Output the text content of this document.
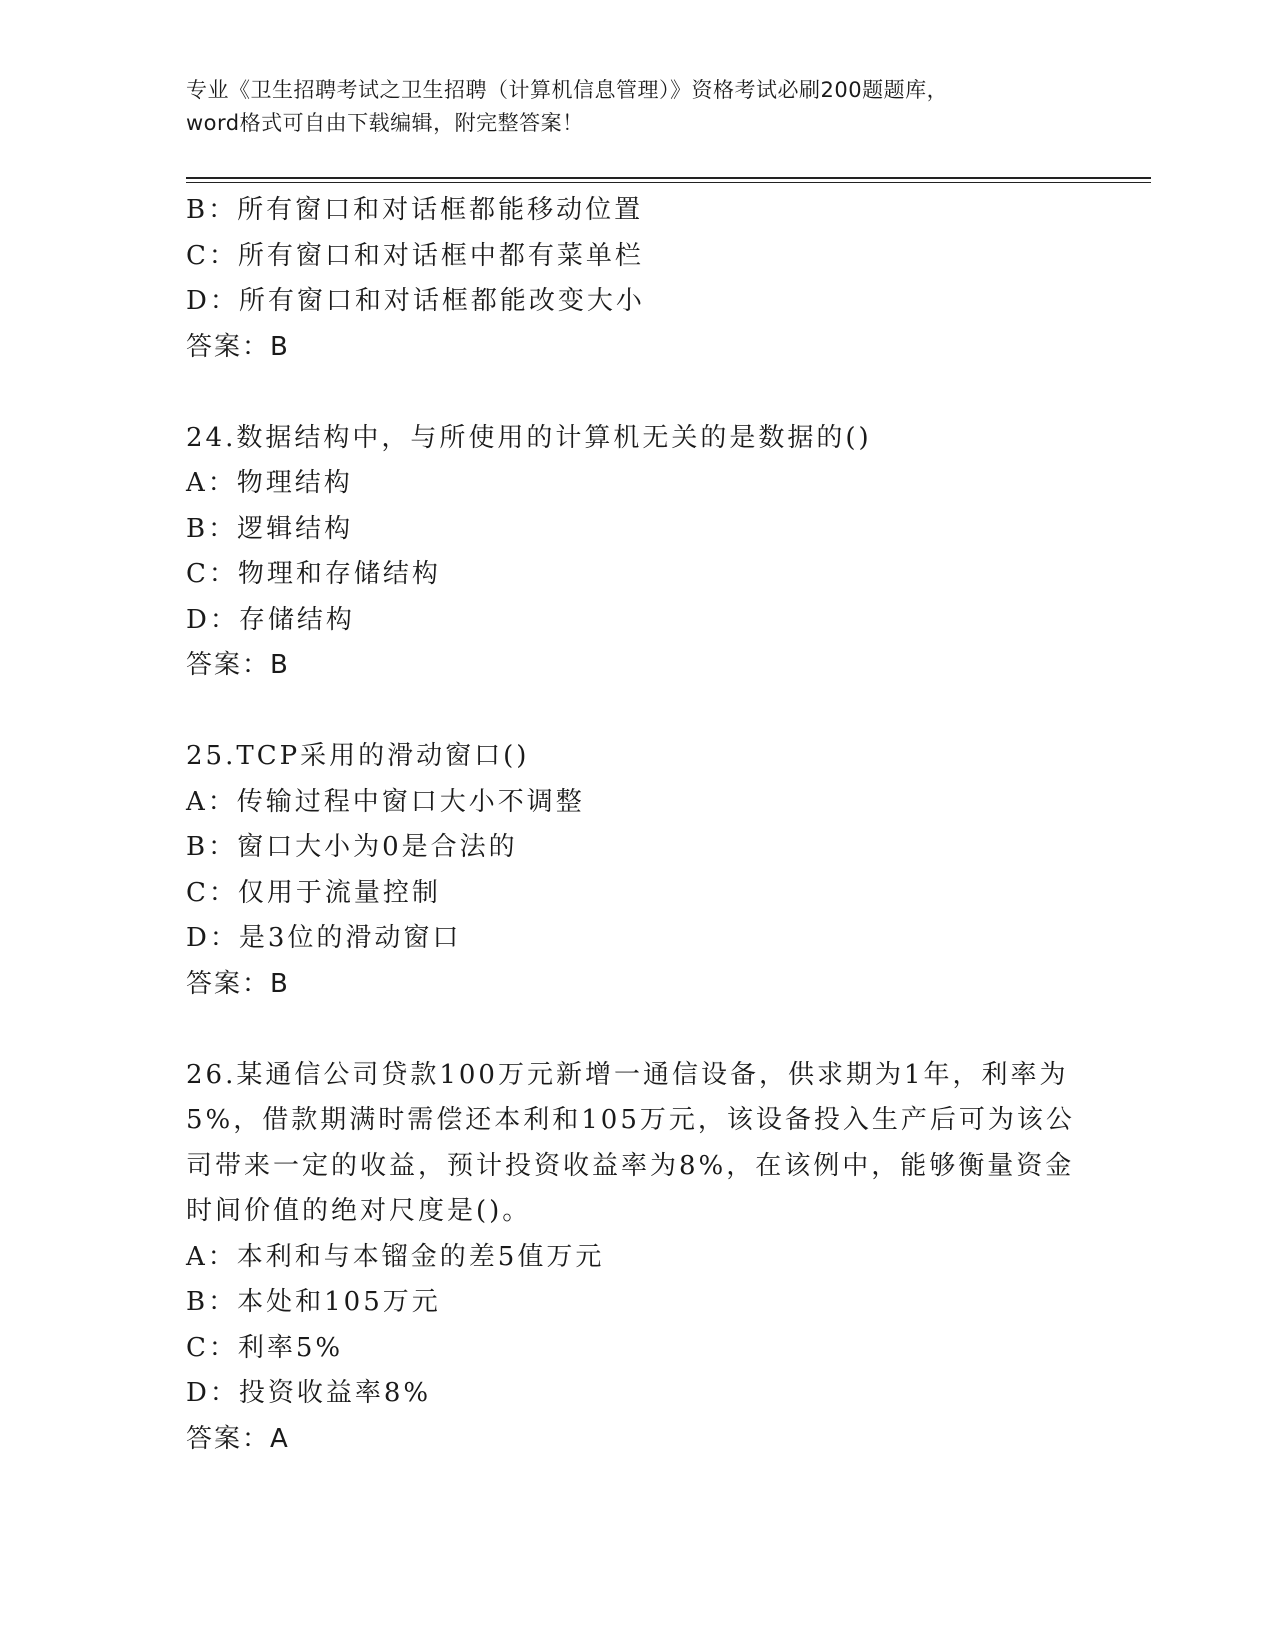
专业《卫生招聘考试之卫生招聘（计算机信息管理）》资格考试必刷200题题库，
word格式可自由下载编辑，附完整答案！
B：所有窗口和对话框都能移动位置
C：所有窗口和对话框中都有菜单栏
D：所有窗口和对话框都能改变大小
答案：B
24.数据结构中，与所使用的计算机无关的是数据的()
A：物理结构
B：逻辑结构
C：物理和存储结构
D：存储结构
答案：B
25.TCP采用的滑动窗口()
A：传输过程中窗口大小不调整
B：窗口大小为0是合法的
C：仅用于流量控制
D：是3位的滑动窗口
答案：B
26.某通信公司贷款100万元新增一通信设备，供求期为1年，利率为
5%，借款期满时需偿还本利和105万元，该设备投入生产后可为该公
司带来一定的收益，预计投资收益率为8%，在该例中，能够衡量资金
时间价值的绝对尺度是()。
A：本利和与本镏金的差5值万元
B：本处和105万元
C：利率5%
D：投资收益率8%
答案：A
